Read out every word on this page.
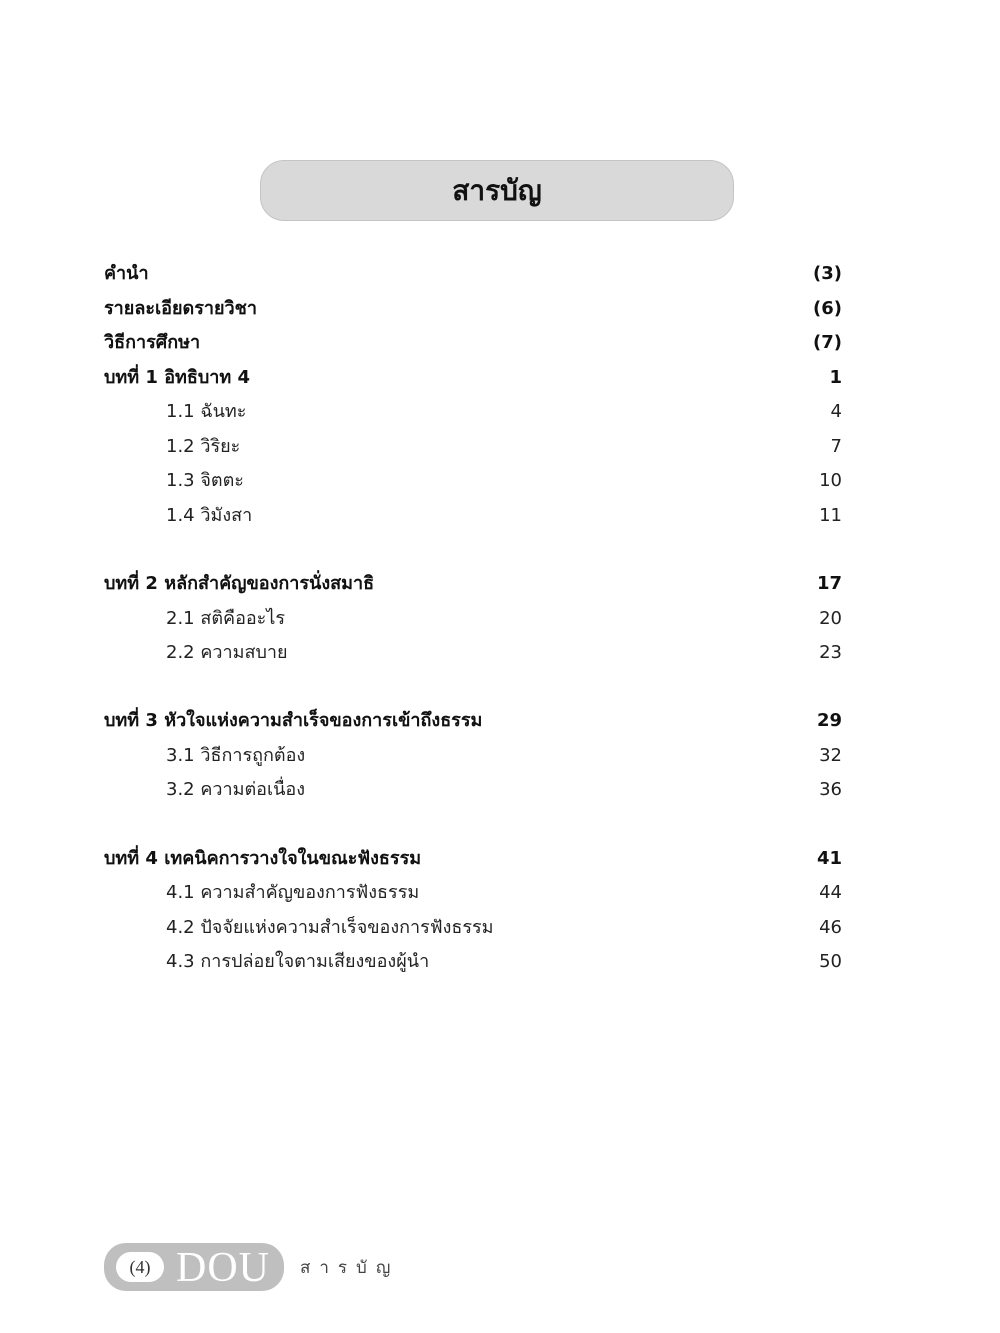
สารบัญ
คำนำ	(3)
รายละเอียดรายวิชา	(6)
วิธีการศึกษา	(7)
บทที่ 1 อิทธิบาท 4	1
1.1 ฉันทะ	4
1.2 วิริยะ	7
1.3 จิตตะ	10
1.4 วิมังสา	11
บทที่ 2 หลักสำคัญของการนั่งสมาธิ	17
2.1 สติคืออะไร	20
2.2 ความสบาย	23
บทที่ 3 หัวใจแห่งความสำเร็จของการเข้าถึงธรรม	29
3.1 วิธีการถูกต้อง	32
3.2 ความต่อเนื่อง	36
บทที่ 4 เทคนิคการวางใจในขณะฟังธรรม	41
4.1 ความสำคัญของการฟังธรรม	44
4.2 ปัจจัยแห่งความสำเร็จของการฟังธรรม	46
4.3 การปล่อยใจตามเสียงของผู้นำ	50
(4) DOU สารบัญ
